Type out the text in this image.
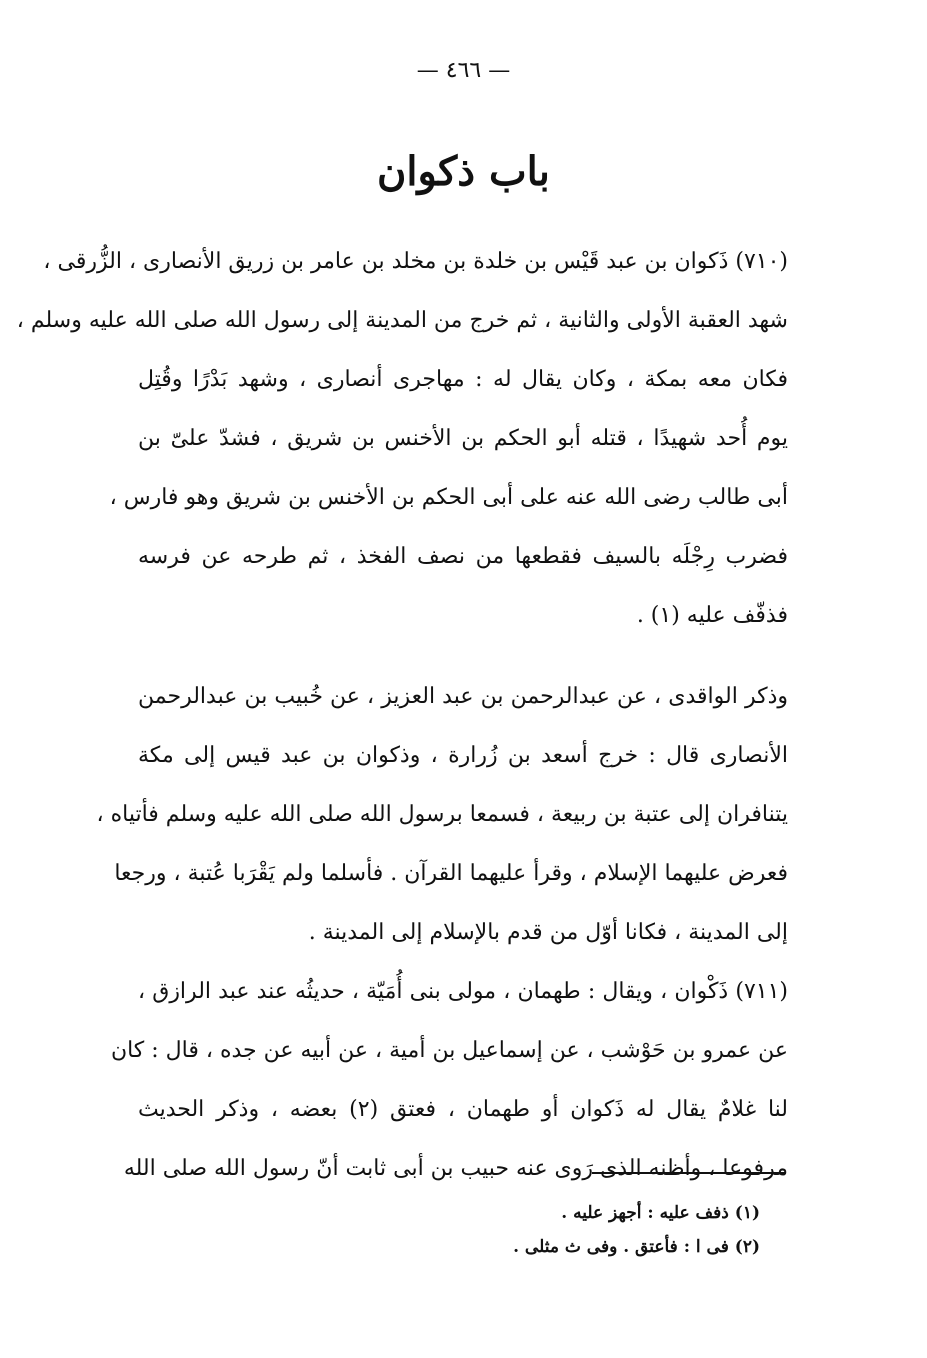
— ٤٦٦ —
باب ذكوان
(٧١٠) ذَكوان بن عبد قَيْس بن خلدة بن مخلد بن عامر بن زريق الأنصارى ، الزُّرقى ،
شهد العقبة الأولى والثانية ، ثم خرج من المدينة إلى رسول الله صلى الله عليه وسلم ،
فكان معه بمكة ، وكان يقال له : مهاجرى أنصارى ، وشهد بَدْرًا وقُتِل
يوم أُحد شهيدًا ، قتله أبو الحكم بن الأخنس بن شريق ، فشدّ علىّ بن
أبى طالب رضى الله عنه على أبى الحكم بن الأخنس بن شريق وهو فارس ،
فضرب رِجْلَه بالسيف فقطعها من نصف الفخذ ، ثم طرحه عن فرسه
فذفّف عليه (١) .
وذكر الواقدى ، عن عبدالرحمن بن عبد العزيز ، عن خُبيب بن عبدالرحمن
الأنصارى قال : خرج أسعد بن زُرارة ، وذكوان بن عبد قيس إلى مكة
يتنافران إلى عتبة بن ربيعة ، فسمعا برسول الله صلى الله عليه وسلم فأتياه ،
فعرض عليهما الإسلام ، وقرأ عليهما القرآن . فأسلما ولم يَقْرَبا عُتبة ، ورجعا
إلى المدينة ، فكانا أوّل من قدم بالإسلام إلى المدينة .
(٧١١) ذَكْوان ، ويقال : طهمان ، مولى بنى أُمَيّة ، حديثُه عند عبد الرازق ،
عن عمرو بن حَوْشب ، عن إسماعيل بن أمية ، عن أبيه عن جده ، قال : كان
لنا غلامٌ يقال له ذَكوان أو طهمان ، فعتق (٢) بعضه ، وذكر الحديث
مرفوعا ، وأظنه الذى رَوى عنه حبيب بن أبى ثابت أنّ رسول الله صلى الله
(١) ذفف عليه : أجهز عليه .
(٢) فى ا : فأعتق . وفى ث مثلى .
